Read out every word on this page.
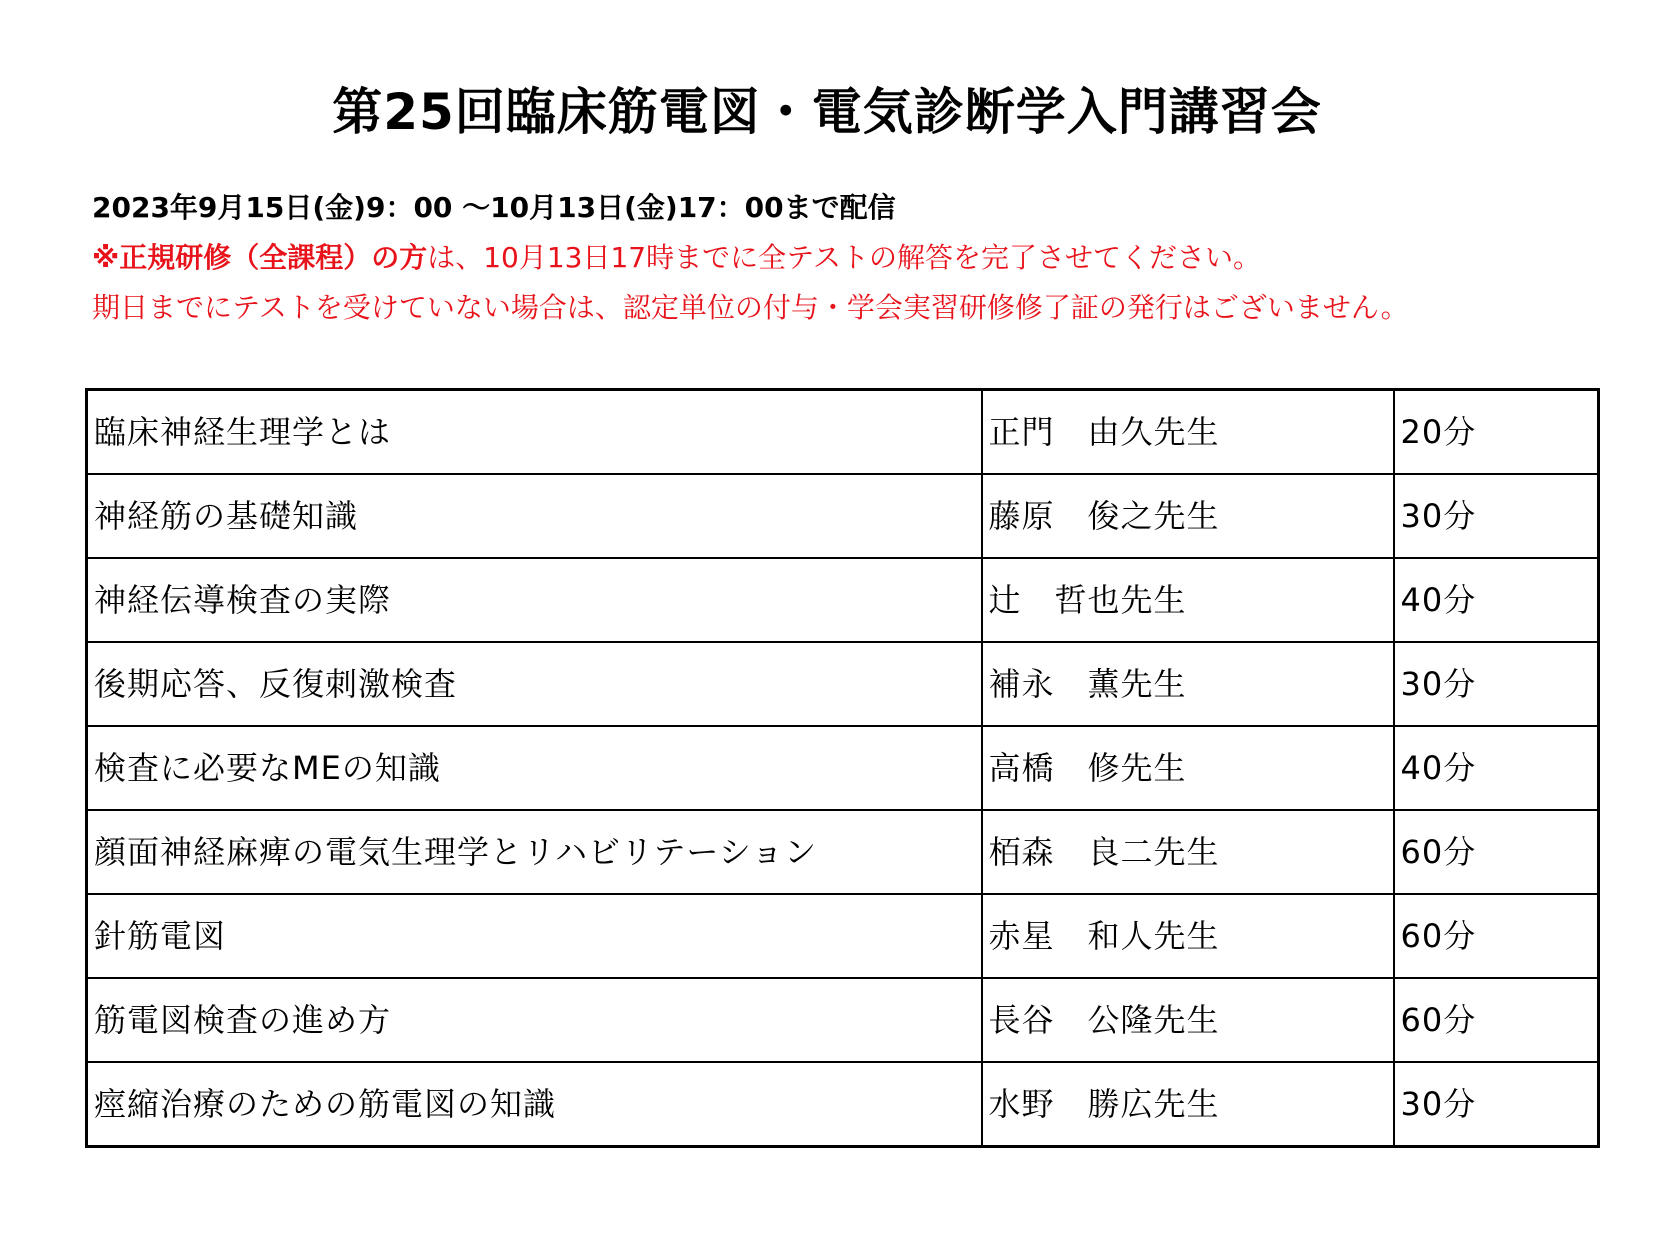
第25回臨床筋電図・電気診断学入門講習会
2023年9月15日(金)9：00 〜10月13日(金)17：00まで配信
※正規研修（全課程）の方は、10月13日17時までに全テストの解答を完了させてください。
期日までにテストを受けていない場合は、認定単位の付与・学会実習研修修了証の発行はございません。
臨床神経生理学とは	正門　由久先生	20分
神経筋の基礎知識	藤原　俊之先生	30分
神経伝導検査の実際	辻　哲也先生	40分
後期応答、反復刺激検査	補永　薫先生	30分
検査に必要なMEの知識	高橋　修先生	40分
顔面神経麻痺の電気生理学とリハビリテーション	栢森　良二先生	60分
針筋電図	赤星　和人先生	60分
筋電図検査の進め方	長谷　公隆先生	60分
痙縮治療のための筋電図の知識	水野　勝広先生	30分
